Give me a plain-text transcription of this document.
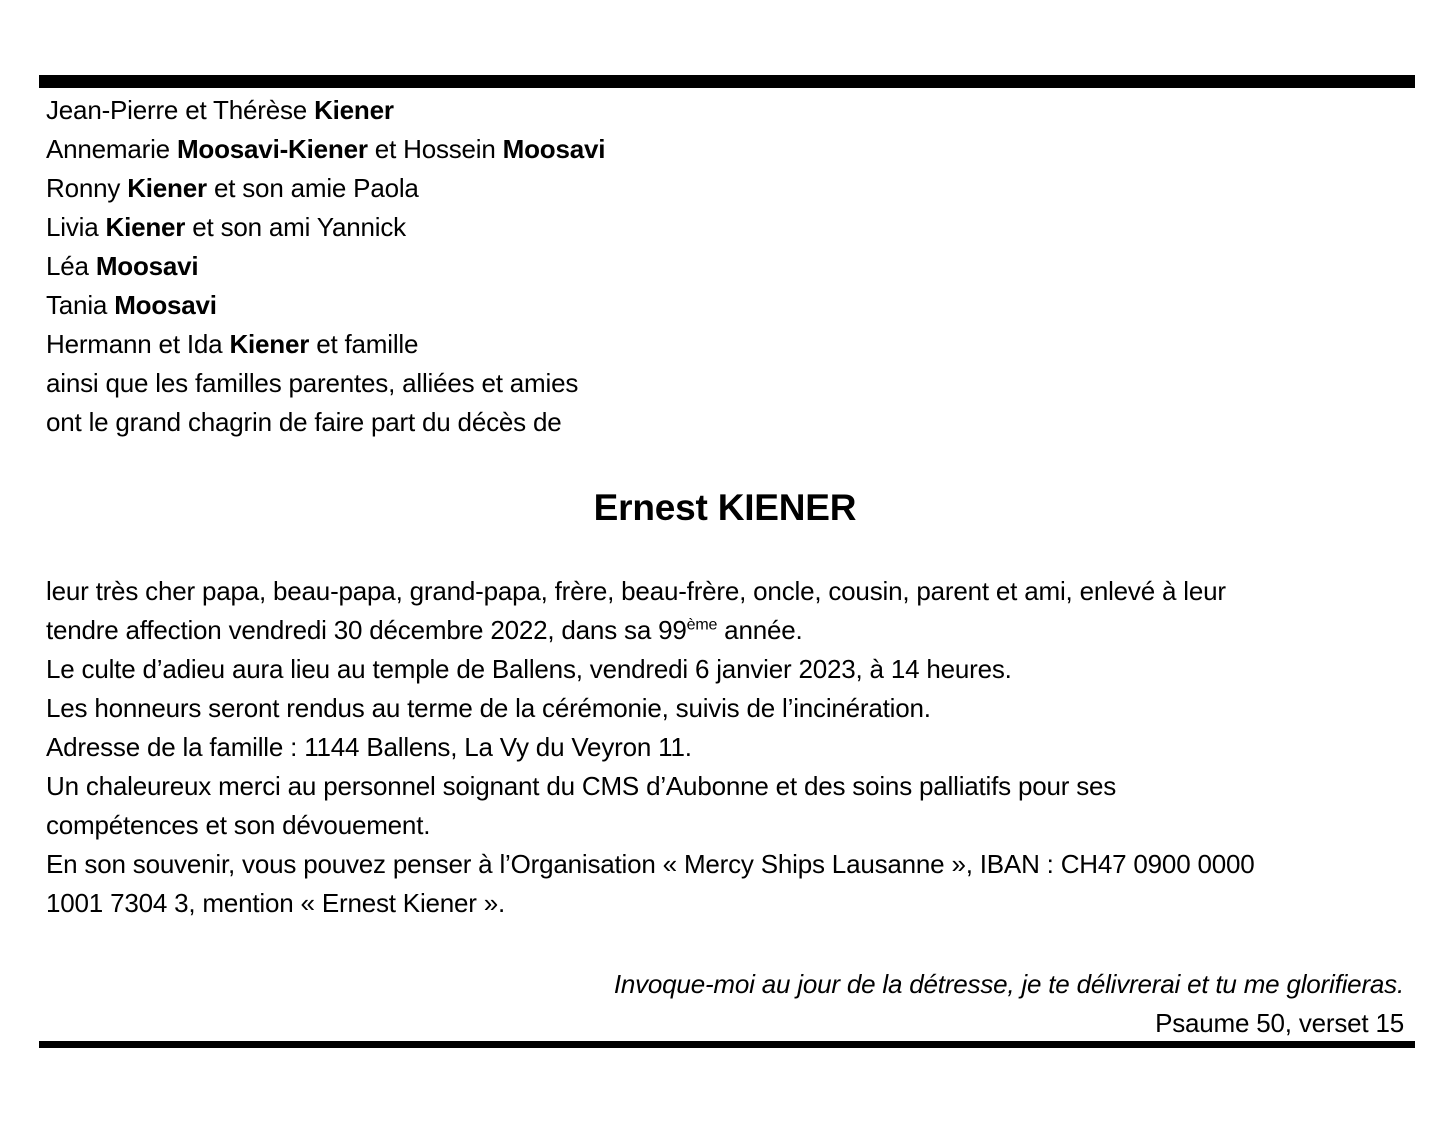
Jean-Pierre et Thérèse Kiener
Annemarie Moosavi-Kiener et Hossein Moosavi
Ronny Kiener et son amie Paola
Livia Kiener et son ami Yannick
Léa Moosavi
Tania Moosavi
Hermann et Ida Kiener et famille
ainsi que les familles parentes, alliées et amies
ont le grand chagrin de faire part du décès de
Ernest KIENER
leur très cher papa, beau-papa, grand-papa, frère, beau-frère, oncle, cousin, parent et ami, enlevé à leur
tendre affection vendredi 30 décembre 2022, dans sa 99ème année.
Le culte d’adieu aura lieu au temple de Ballens, vendredi 6 janvier 2023, à 14 heures.
Les honneurs seront rendus au terme de la cérémonie, suivis de l’incinération.
Adresse de la famille : 1144 Ballens, La Vy du Veyron 11.
Un chaleureux merci au personnel soignant du CMS d’Aubonne et des soins palliatifs pour ses
compétences et son dévouement.
En son souvenir, vous pouvez penser à l’Organisation « Mercy Ships Lausanne », IBAN : CH47 0900 0000
1001 7304 3, mention « Ernest Kiener ».
Invoque-moi au jour de la détresse, je te délivrerai et tu me glorifieras.
Psaume 50, verset 15
